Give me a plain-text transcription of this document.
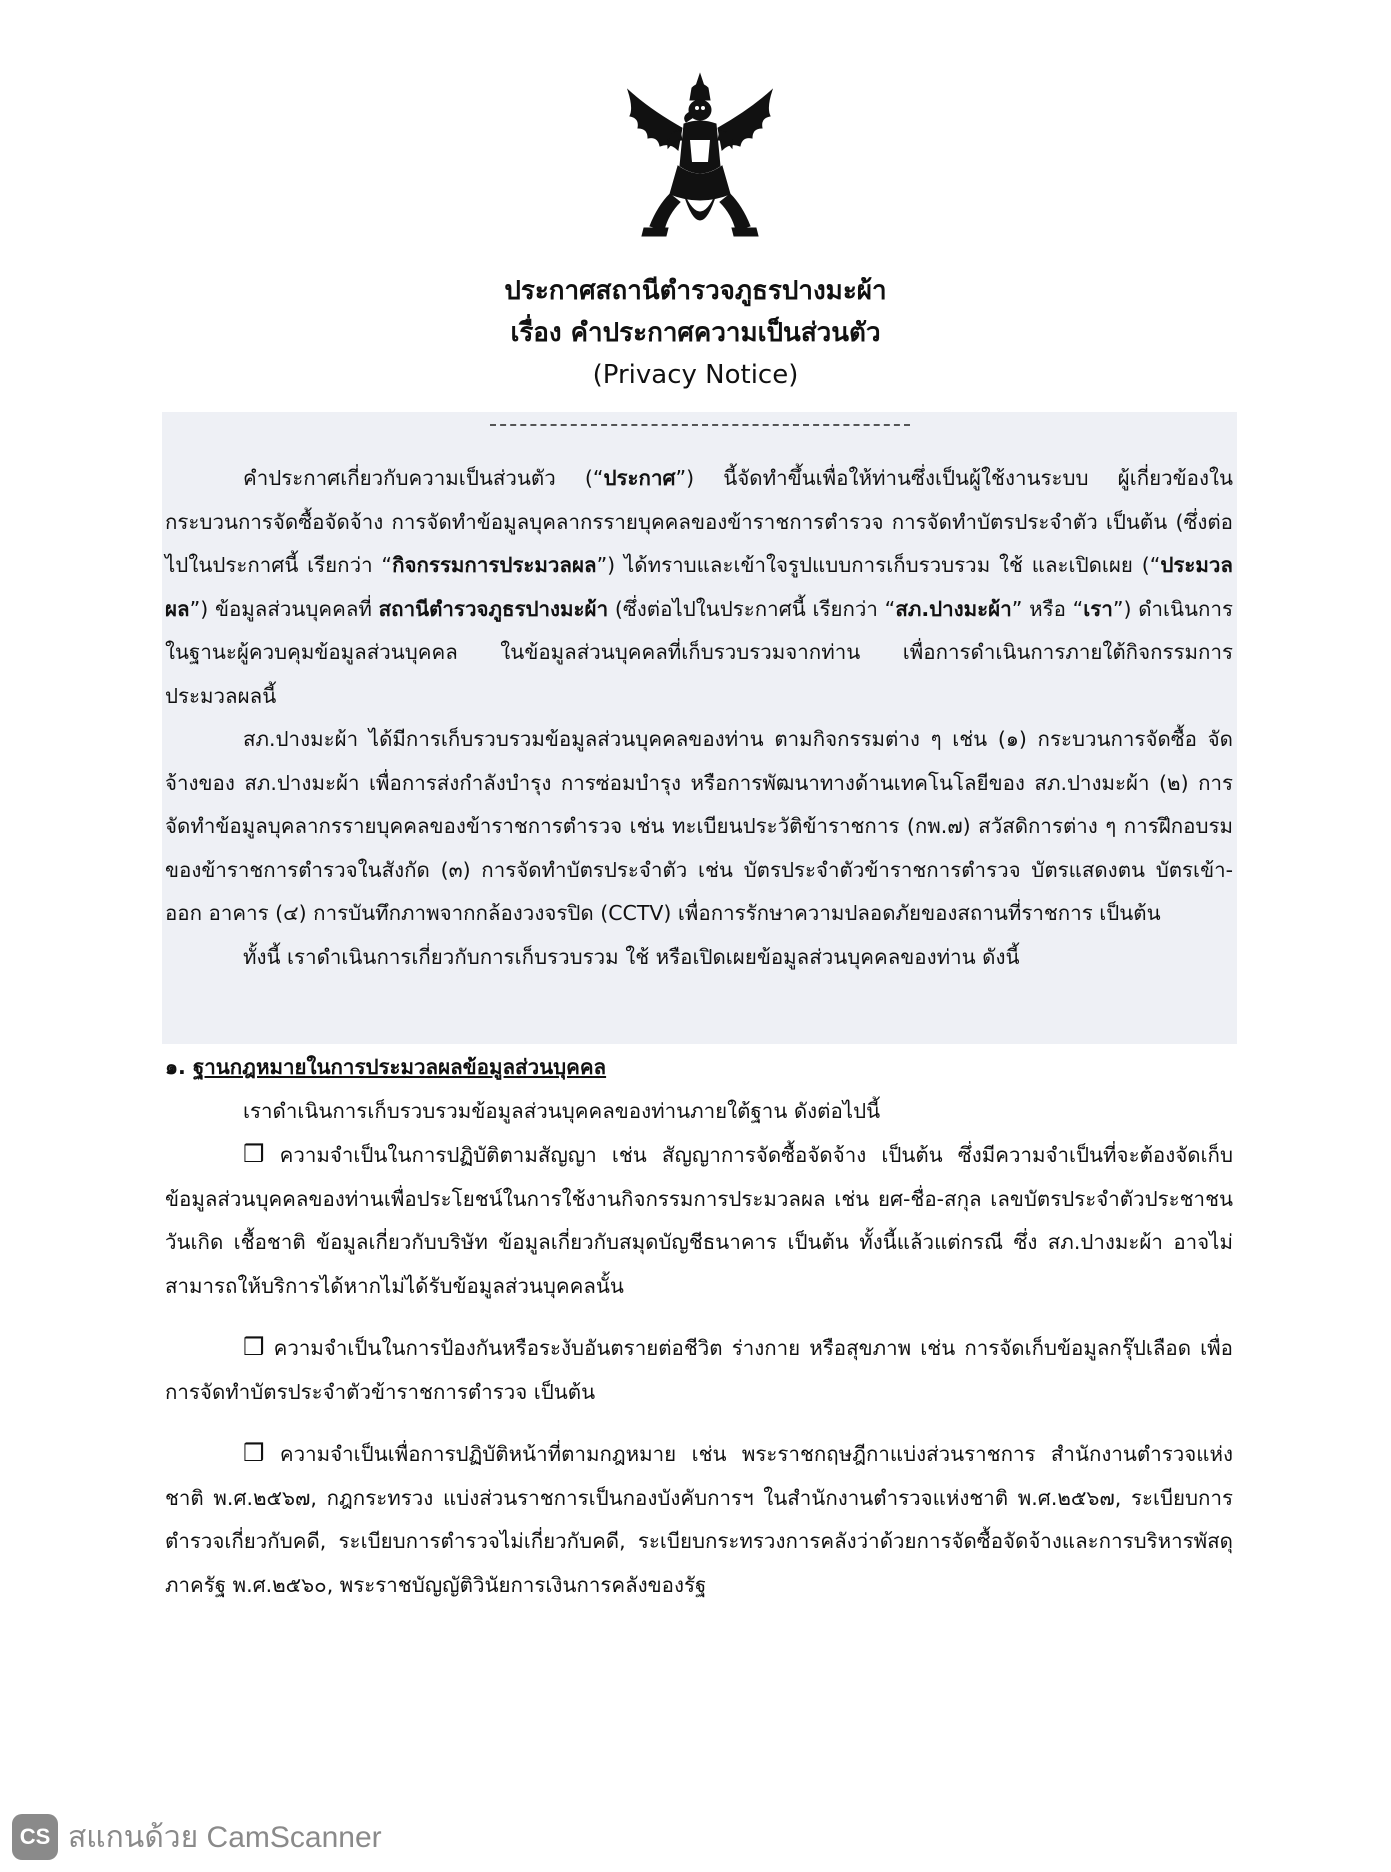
ประกาศสถานีตำรวจภูธรปางมะผ้า
เรื่อง คำประกาศความเป็นส่วนตัว
(Privacy Notice)

คำประกาศเกี่ยวกับความเป็นส่วนตัว (“ประกาศ”) นี้จัดทำขึ้นเพื่อให้ท่านซึ่งเป็นผู้ใช้งานระบบ ผู้เกี่ยวข้องในกระบวนการจัดซื้อจัดจ้าง การจัดทำข้อมูลบุคลากรรายบุคคลของข้าราชการตำรวจ การจัดทำบัตรประจำตัว เป็นต้น (ซึ่งต่อไปในประกาศนี้ เรียกว่า “กิจกรรมการประมวลผล”) ได้ทราบและเข้าใจรูปแบบการเก็บรวบรวม ใช้ และเปิดเผย (“ประมวลผล”) ข้อมูลส่วนบุคคลที่ สถานีตำรวจภูธรปางมะผ้า (ซึ่งต่อไปในประกาศนี้ เรียกว่า “สภ.ปางมะผ้า” หรือ “เรา”) ดำเนินการ ในฐานะผู้ควบคุมข้อมูลส่วนบุคคล ในข้อมูลส่วนบุคคลที่เก็บรวบรวมจากท่าน เพื่อการดำเนินการภายใต้กิจกรรมการประมวลผลนี้

สภ.ปางมะผ้า ได้มีการเก็บรวบรวมข้อมูลส่วนบุคคลของท่าน ตามกิจกรรมต่าง ๆ เช่น (๑) กระบวนการจัดซื้อ จัดจ้างของ สภ.ปางมะผ้า เพื่อการส่งกำลังบำรุง การซ่อมบำรุง หรือการพัฒนาทางด้านเทคโนโลยีของ สภ.ปางมะผ้า (๒) การจัดทำข้อมูลบุคลากรรายบุคคลของข้าราชการตำรวจ เช่น ทะเบียนประวัติข้าราชการ (กพ.๗) สวัสดิการต่าง ๆ การฝึกอบรมของข้าราชการตำรวจในสังกัด (๓) การจัดทำบัตรประจำตัว เช่น บัตรประจำตัวข้าราชการตำรวจ บัตรแสดงตน บัตรเข้า-ออก อาคาร (๔) การบันทึกภาพจากกล้องวงจรปิด (CCTV) เพื่อการรักษาความปลอดภัยของสถานที่ราชการ เป็นต้น

ทั้งนี้ เราดำเนินการเกี่ยวกับการเก็บรวบรวม ใช้ หรือเปิดเผยข้อมูลส่วนบุคคลของท่าน ดังนี้

๑. ฐานกฎหมายในการประมวลผลข้อมูลส่วนบุคคล

เราดำเนินการเก็บรวบรวมข้อมูลส่วนบุคคลของท่านภายใต้ฐาน ดังต่อไปนี้

❒ ความจำเป็นในการปฏิบัติตามสัญญา เช่น สัญญาการจัดซื้อจัดจ้าง เป็นต้น ซึ่งมีความจำเป็นที่จะต้องจัดเก็บข้อมูลส่วนบุคคลของท่านเพื่อประโยชน์ในการใช้งานกิจกรรมการประมวลผล เช่น ยศ-ชื่อ-สกุล เลขบัตรประจำตัวประชาชน วันเกิด เชื้อชาติ ข้อมูลเกี่ยวกับบริษัท ข้อมูลเกี่ยวกับสมุดบัญชีธนาคาร เป็นต้น ทั้งนี้แล้วแต่กรณี ซึ่ง สภ.ปางมะผ้า อาจไม่สามารถให้บริการได้หากไม่ได้รับข้อมูลส่วนบุคคลนั้น

❒ ความจำเป็นในการป้องกันหรือระงับอันตรายต่อชีวิต ร่างกาย หรือสุขภาพ เช่น การจัดเก็บข้อมูลกรุ๊ปเลือด เพื่อการจัดทำบัตรประจำตัวข้าราชการตำรวจ เป็นต้น

❒ ความจำเป็นเพื่อการปฏิบัติหน้าที่ตามกฎหมาย เช่น พระราชกฤษฎีกาแบ่งส่วนราชการ สำนักงานตำรวจแห่งชาติ พ.ศ.๒๕๖๗, กฎกระทรวง แบ่งส่วนราชการเป็นกองบังคับการฯ ในสำนักงานตำรวจแห่งชาติ พ.ศ.๒๕๖๗, ระเบียบการตำรวจเกี่ยวกับคดี, ระเบียบการตำรวจไม่เกี่ยวกับคดี, ระเบียบกระทรวงการคลังว่าด้วยการจัดซื้อจัดจ้างและการบริหารพัสดุภาครัฐ พ.ศ.๒๕๖๐, พระราชบัญญัติวินัยการเงินการคลังของรัฐ

CS สแกนด้วย CamScanner
